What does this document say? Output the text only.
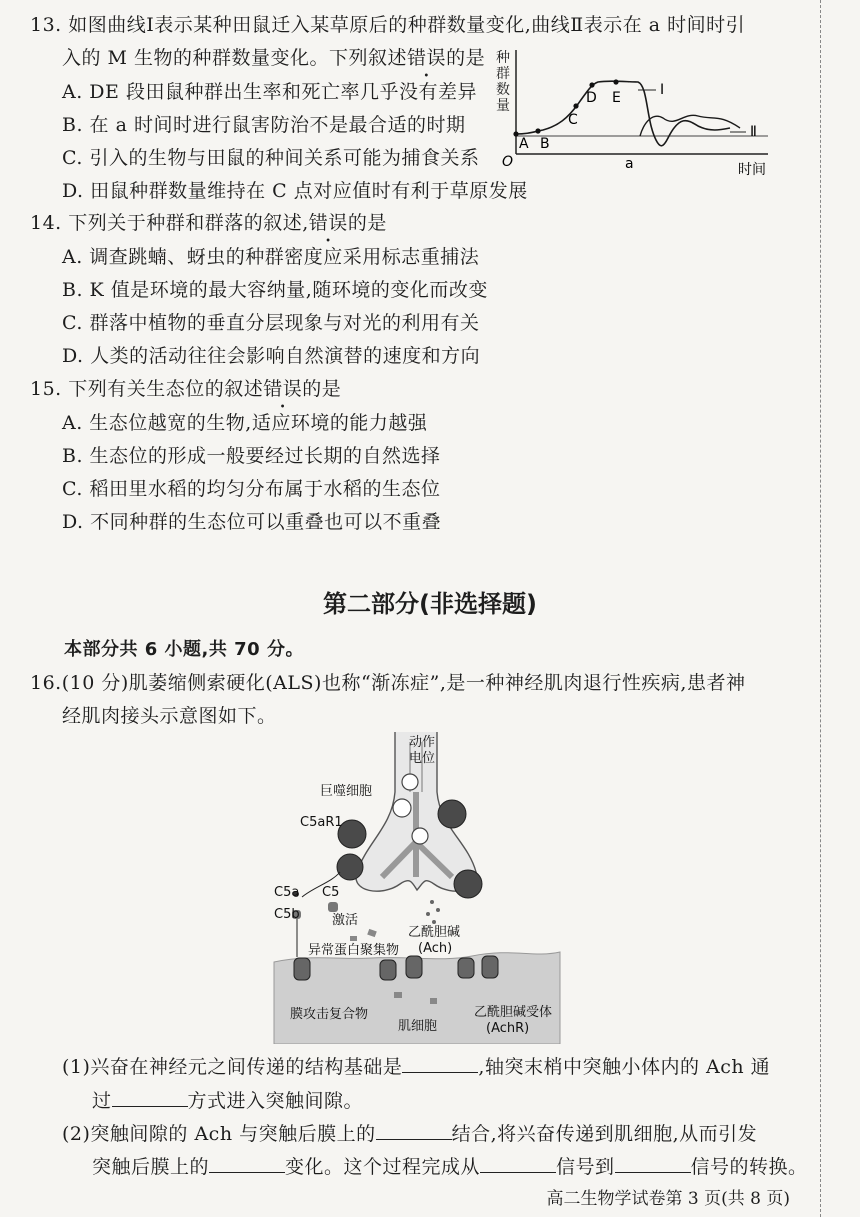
13. 如图曲线Ⅰ表示某种田鼠迁入某草原后的种群数量变化,曲线Ⅱ表示在 a 时间时引
入的 M 生物的种群数量变化。下列叙述错误的是
A. DE 段田鼠种群出生率和死亡率几乎没有差异
B. 在 a 时间时进行鼠害防治不是最合适的时期
C. 引入的生物与田鼠的种间关系可能为捕食关系
D. 田鼠种群数量维持在 C 点对应值时有利于草原发展
种
群
数
量
O	时间
A B
C
D E	Ⅰ
Ⅱ
a
14. 下列关于种群和群落的叙述,错误的是
A. 调查跳蝻、蚜虫的种群密度应采用标志重捕法
B. K 值是环境的最大容纳量,随环境的变化而改变
C. 群落中植物的垂直分层现象与对光的利用有关
D. 人类的活动往往会影响自然演替的速度和方向
15. 下列有关生态位的叙述错误的是
A. 生态位越宽的生物,适应环境的能力越强
B. 生态位的形成一般要经过长期的自然选择
C. 稻田里水稻的均匀分布属于水稻的生态位
D. 不同种群的生态位可以重叠也可以不重叠
第二部分(非选择题)
本部分共 6 小题,共 70 分。
16.(10 分)肌萎缩侧索硬化(ALS)也称“渐冻症”,是一种神经肌肉退行性疾病,患者神
经肌肉接头示意图如下。
动作
电位
巨噬细胞
C5aR1
C5a C5
C5b 激活
乙酰胆碱
(Ach)
异常蛋白聚集物
膜攻击复合物
肌细胞
乙酰胆碱受体
(AchR)
(1)兴奋在神经元之间传递的结构基础是	,轴突末梢中突触小体内的 Ach 通
过	方式进入突触间隙。
(2)突触间隙的 Ach 与突触后膜上的	结合,将兴奋传递到肌细胞,从而引发
突触后膜上的	变化。这个过程完成从	信号到	信号的转换。
高二生物学试卷第 3 页(共 8 页)
